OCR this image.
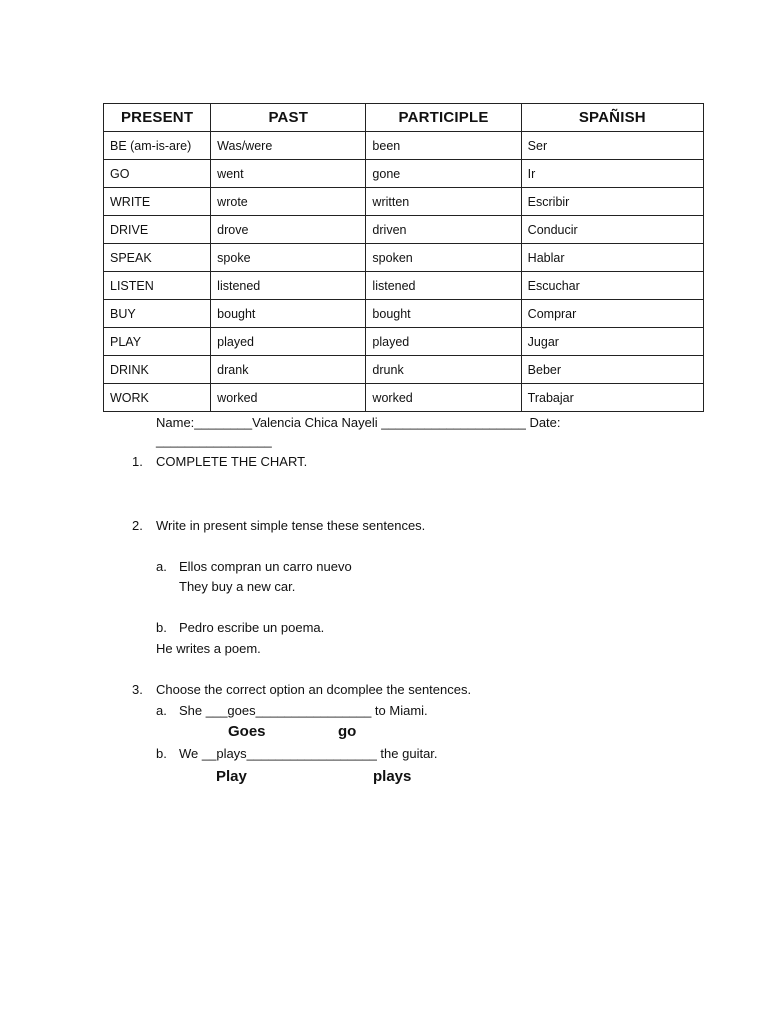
PRESENT	PAST	PARTICIPLE	SPAÑISH
BE (am-is-are)	Was/were	been	Ser
GO	went	gone	Ir
WRITE	wrote	written	Escribir
DRIVE	drove	driven	Conducir
SPEAK	spoke	spoken	Hablar
LISTEN	listened	listened	Escuchar
BUY	bought	bought	Comprar
PLAY	played	played	Jugar
DRINK	drank	drunk	Beber
WORK	worked	worked	Trabajar
Name:________Valencia Chica Nayeli ____________________ Date:
________________
1. COMPLETE THE CHART.
2. Write in present simple tense these sentences.
a. Ellos compran un carro nuevo
They buy a new car.
b. Pedro escribe un poema.
He writes a poem.
3. Choose the correct option an dcomplee the sentences.
a. She ___goes________________ to Miami.
Goes	go
b. We __plays__________________ the guitar.
Play	plays
